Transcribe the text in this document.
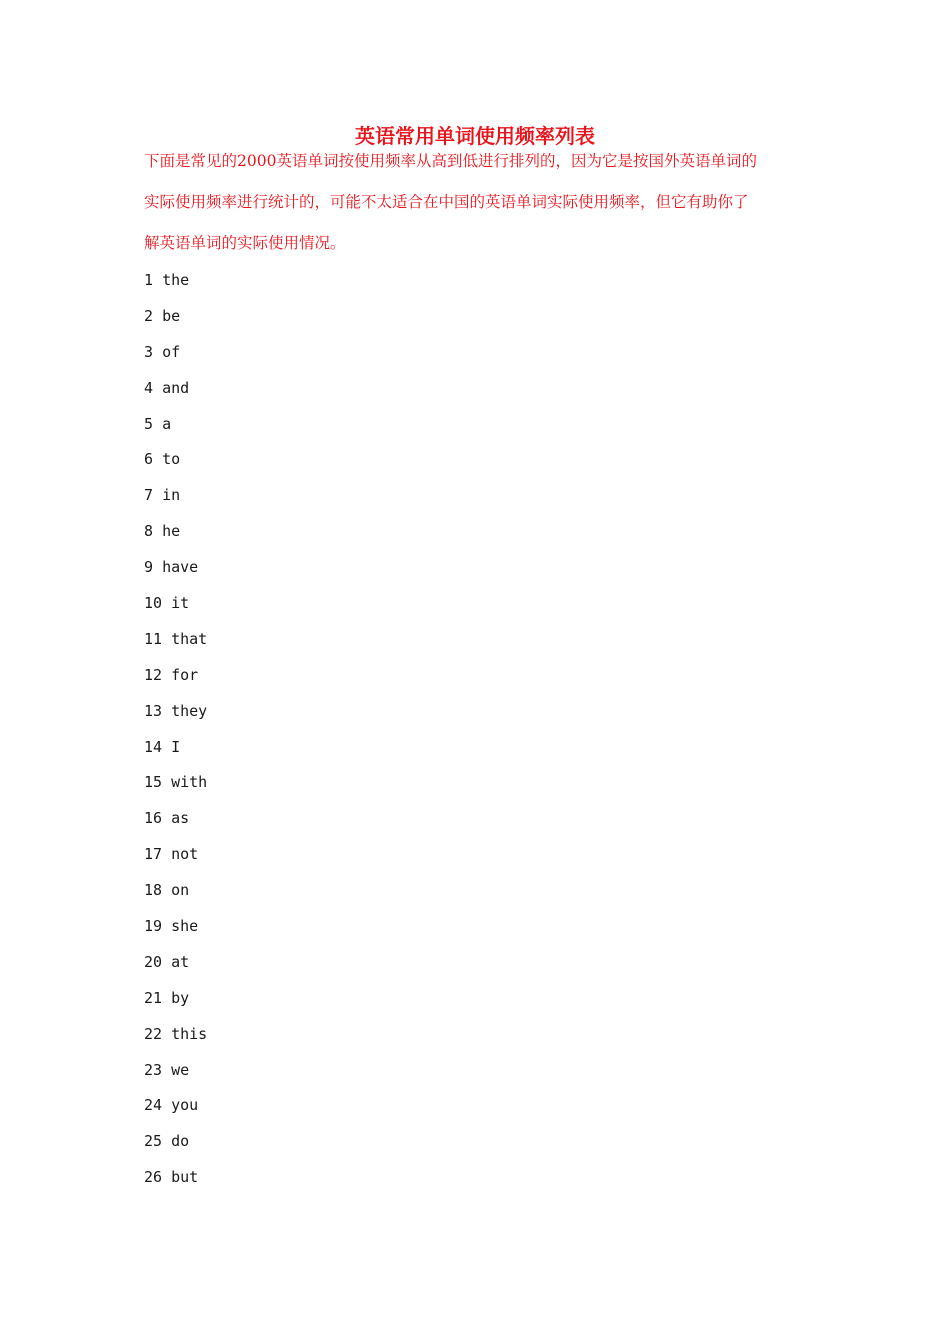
英语常用单词使用频率列表

下面是常见的2000英语单词按使用频率从高到低进行排列的，因为它是按国外英语单词的
实际使用频率进行统计的，可能不太适合在中国的英语单词实际使用频率，但它有助你了
解英语单词的实际使用情况。

1 the
2 be
3 of
4 and
5 a
6 to
7 in
8 he
9 have
10 it
11 that
12 for
13 they
14 I
15 with
16 as
17 not
18 on
19 she
20 at
21 by
22 this
23 we
24 you
25 do
26 but
